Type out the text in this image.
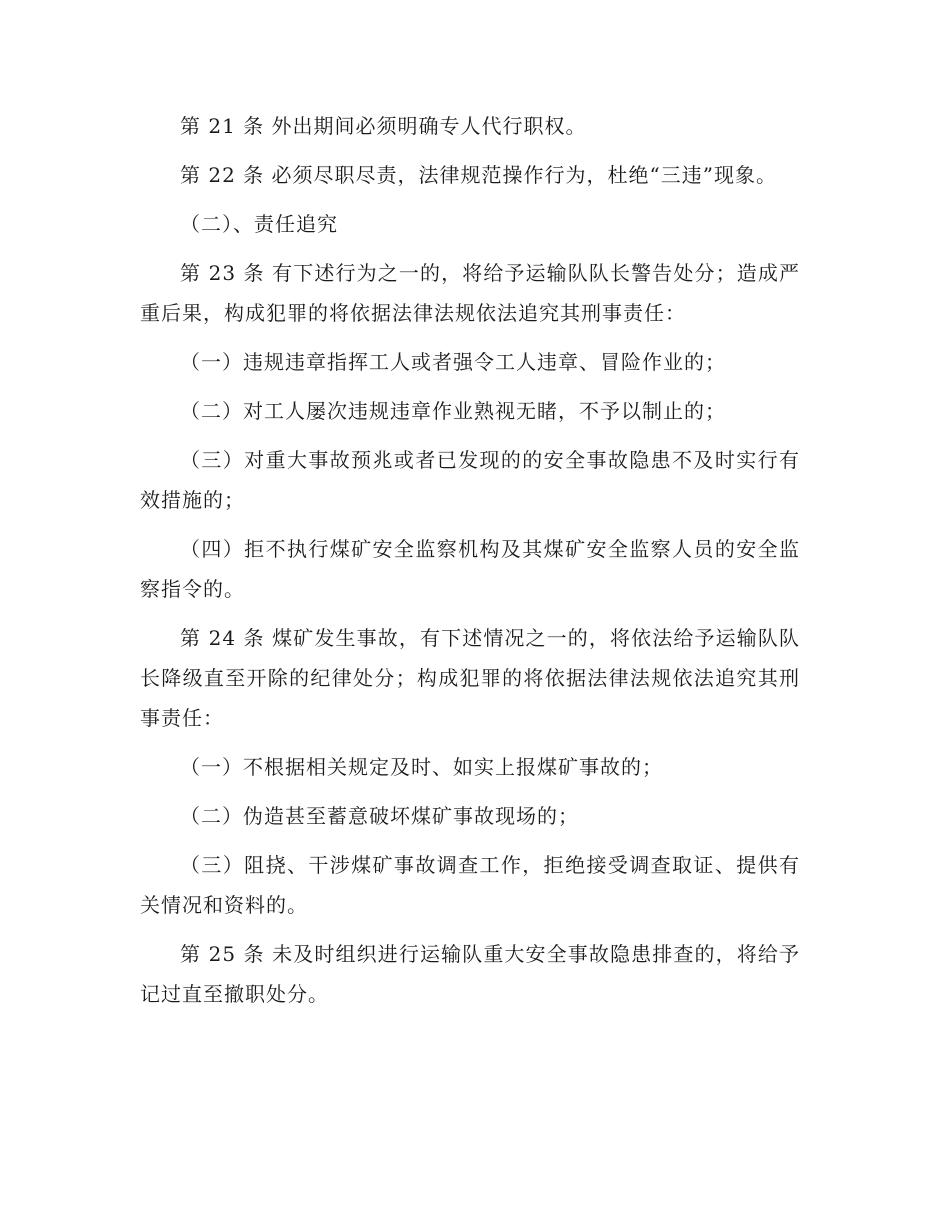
第 21 条 外出期间必须明确专人代行职权。

第 22 条 必须尽职尽责，法律规范操作行为，杜绝“三违”现象。

（二）、责任追究

第 23 条 有下述行为之一的，将给予运输队队长警告处分；造成严重后果，构成犯罪的将依据法律法规依法追究其刑事责任：

（一）违规违章指挥工人或者强令工人违章、冒险作业的；

（二）对工人屡次违规违章作业熟视无睹，不予以制止的；

（三）对重大事故预兆或者已发现的的安全事故隐患不及时实行有效措施的；

（四）拒不执行煤矿安全监察机构及其煤矿安全监察人员的安全监察指令的。

第 24 条 煤矿发生事故，有下述情况之一的，将依法给予运输队队长降级直至开除的纪律处分；构成犯罪的将依据法律法规依法追究其刑事责任：

（一）不根据相关规定及时、如实上报煤矿事故的；

（二）伪造甚至蓄意破坏煤矿事故现场的；

（三）阻挠、干涉煤矿事故调查工作，拒绝接受调查取证、提供有关情况和资料的。

第 25 条 未及时组织进行运输队重大安全事故隐患排查的，将给予记过直至撤职处分。
